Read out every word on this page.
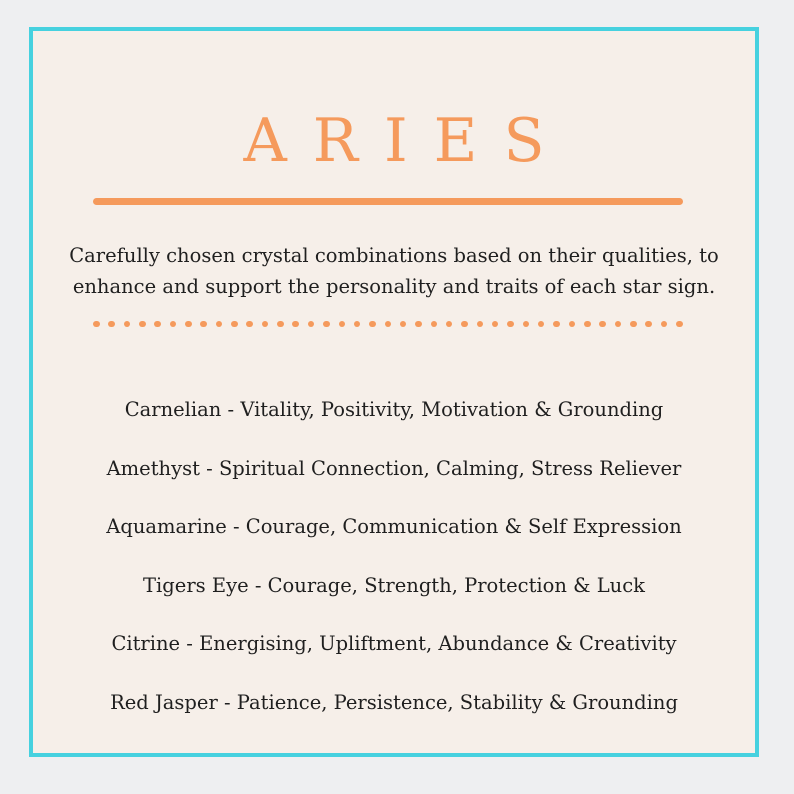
ARIES

Carefully chosen crystal combinations based on their qualities, to
enhance and support the personality and traits of each star sign.

Carnelian - Vitality, Positivity, Motivation & Grounding
Amethyst - Spiritual Connection, Calming, Stress Reliever
Aquamarine - Courage, Communication & Self Expression
Tigers Eye - Courage, Strength, Protection & Luck
Citrine - Energising, Upliftment, Abundance & Creativity
Red Jasper - Patience, Persistence, Stability & Grounding
